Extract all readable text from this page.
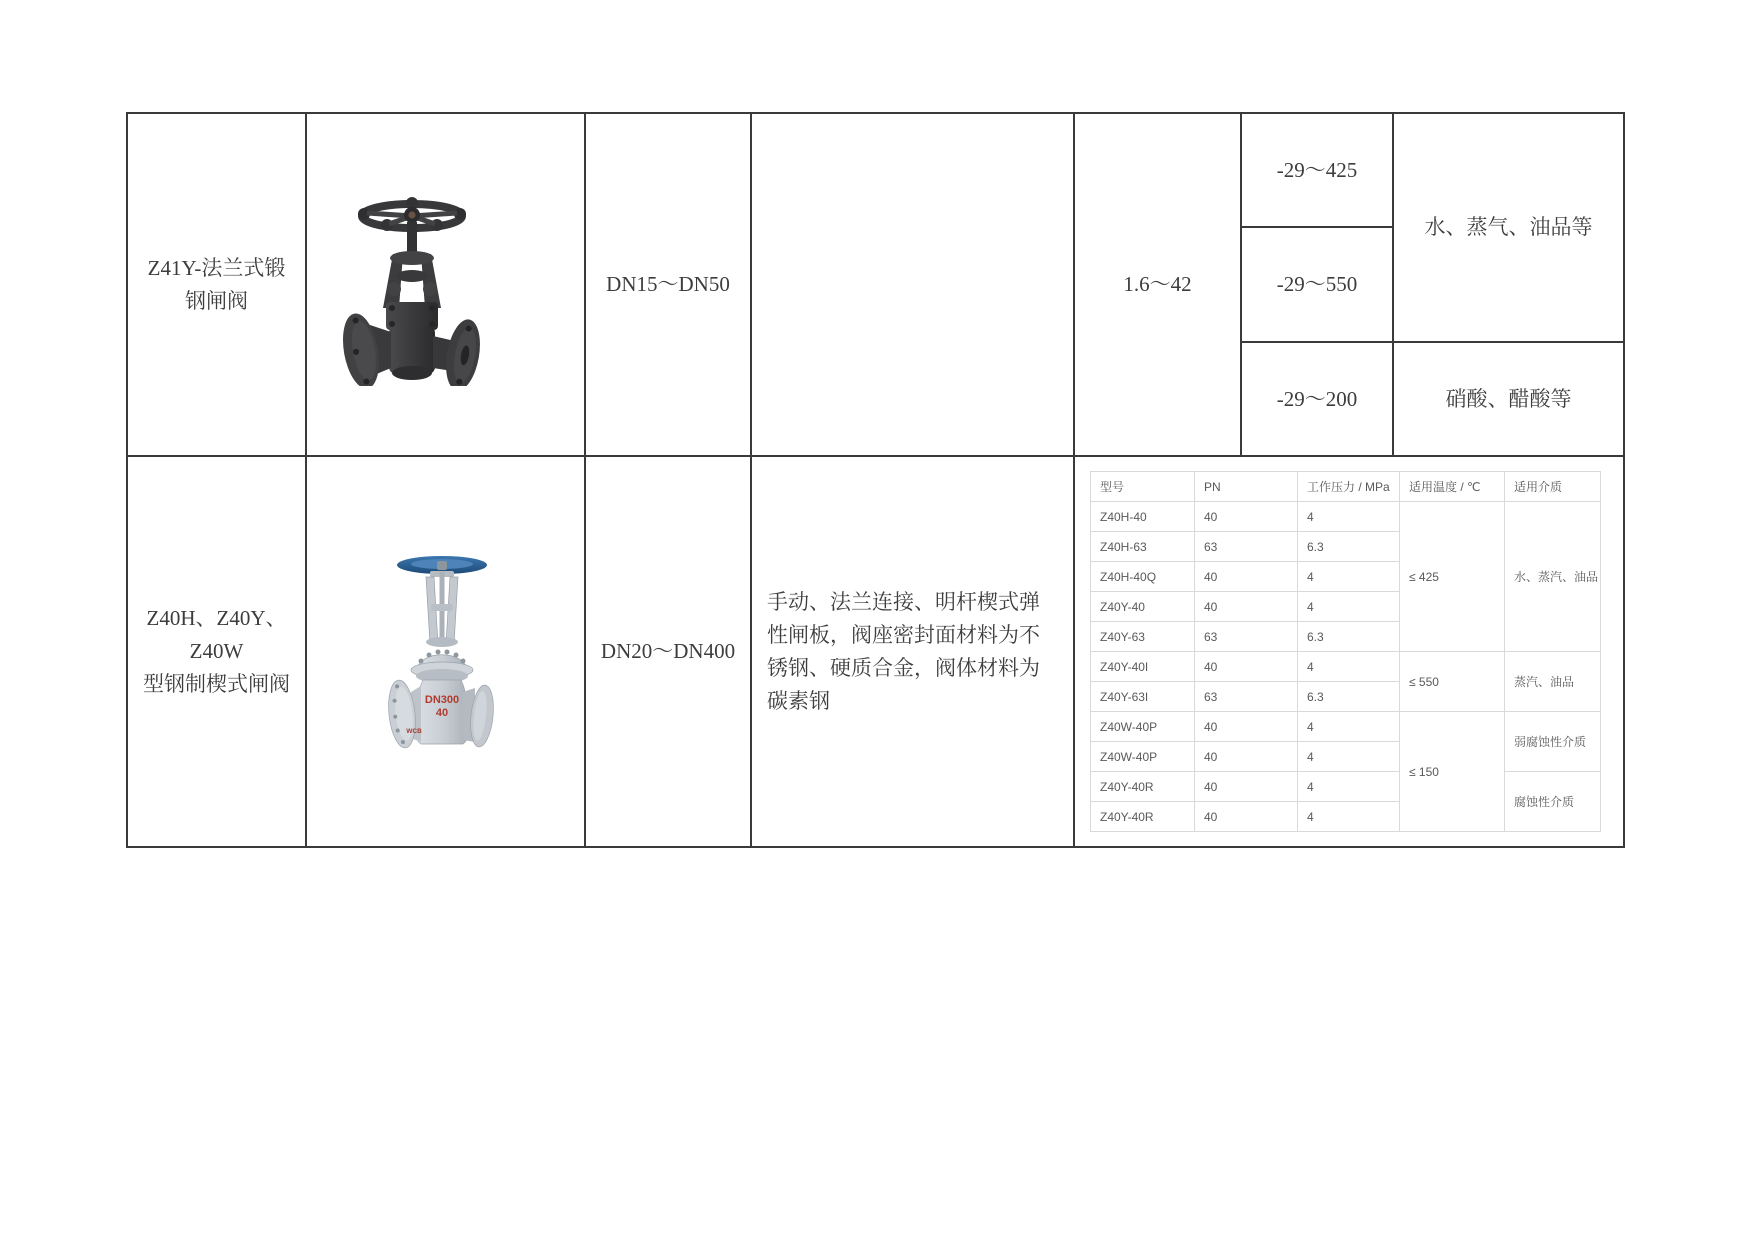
Z41Y-法兰式锻
钢闸阀

	DN15～DN50		1.6～42	-29～425	水、蒸气、油品等
-29～550
-29～200	硝酸、醋酸等

Z40H、Z40Y、Z40W
型钢制楔式闸阀

DN300
40
WCB
	DN20～DN400	手动、法兰连接、明杆楔式弹性闸板，阀座密封面材料为不锈钢、硬质合金，阀体材料为碳素钢	
型号	PN	工作压力 / MPa	适用温度 / ℃	适用介质
Z40H-40	40	4	≤ 425	水、蒸汽、油品
Z40H-63	63	6.3
Z40H-40Q	40	4
Z40Y-40	40	4
Z40Y-63	63	6.3
Z40Y-40I	40	4	≤ 550	蒸汽、油品
Z40Y-63I	63	6.3
Z40W-40P	40	4	≤ 150	弱腐蚀性介质
Z40W-40P	40	4
Z40Y-40R	40	4	腐蚀性介质
Z40Y-40R	40	4
